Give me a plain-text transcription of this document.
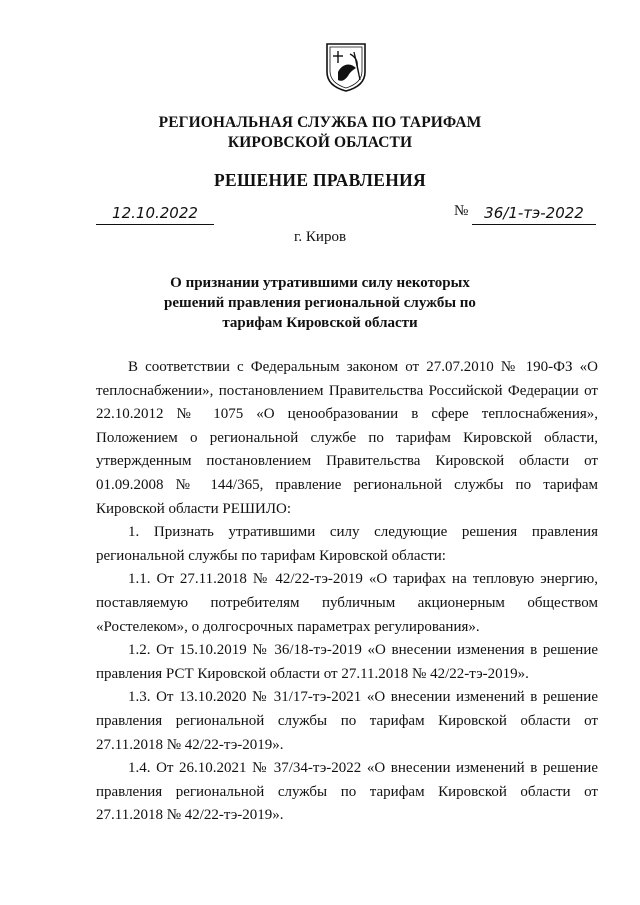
РЕГИОНАЛЬНАЯ СЛУЖБА ПО ТАРИФАМ
КИРОВСКОЙ ОБЛАСТИ
РЕШЕНИЕ ПРАВЛЕНИЯ
12.10.2022	№	36/1-тэ-2022
г. Киров
О признании утратившими силу некоторых
решений правления региональной службы по
тарифам Кировской области

В соответствии с Федеральным законом от 27.07.2010 № 190-ФЗ «О теплоснабжении», постановлением Правительства Российской Федерации от 22.10.2012 № 1075 «О ценообразовании в сфере теплоснабжения», Положением о региональной службе по тарифам Кировской области, утвержденным постановлением Правительства Кировской области от 01.09.2008 № 144/365, правление региональной службы по тарифам Кировской области РЕШИЛО:

1. Признать утратившими силу следующие решения правления региональной службы по тарифам Кировской области:

1.1. От 27.11.2018 № 42/22-тэ-2019 «О тарифах на тепловую энергию, поставляемую потребителям публичным акционерным обществом «Ростелеком», о долгосрочных параметрах регулирования».

1.2. От 15.10.2019 № 36/18-тэ-2019 «О внесении изменения в решение правления РСТ Кировской области от 27.11.2018 № 42/22-тэ-2019».

1.3. От 13.10.2020 № 31/17-тэ-2021 «О внесении изменений в решение правления региональной службы по тарифам Кировской области от 27.11.2018 № 42/22-тэ-2019».

1.4. От 26.10.2021 № 37/34-тэ-2022 «О внесении изменений в решение правления региональной службы по тарифам Кировской области от 27.11.2018 № 42/22-тэ-2019».
